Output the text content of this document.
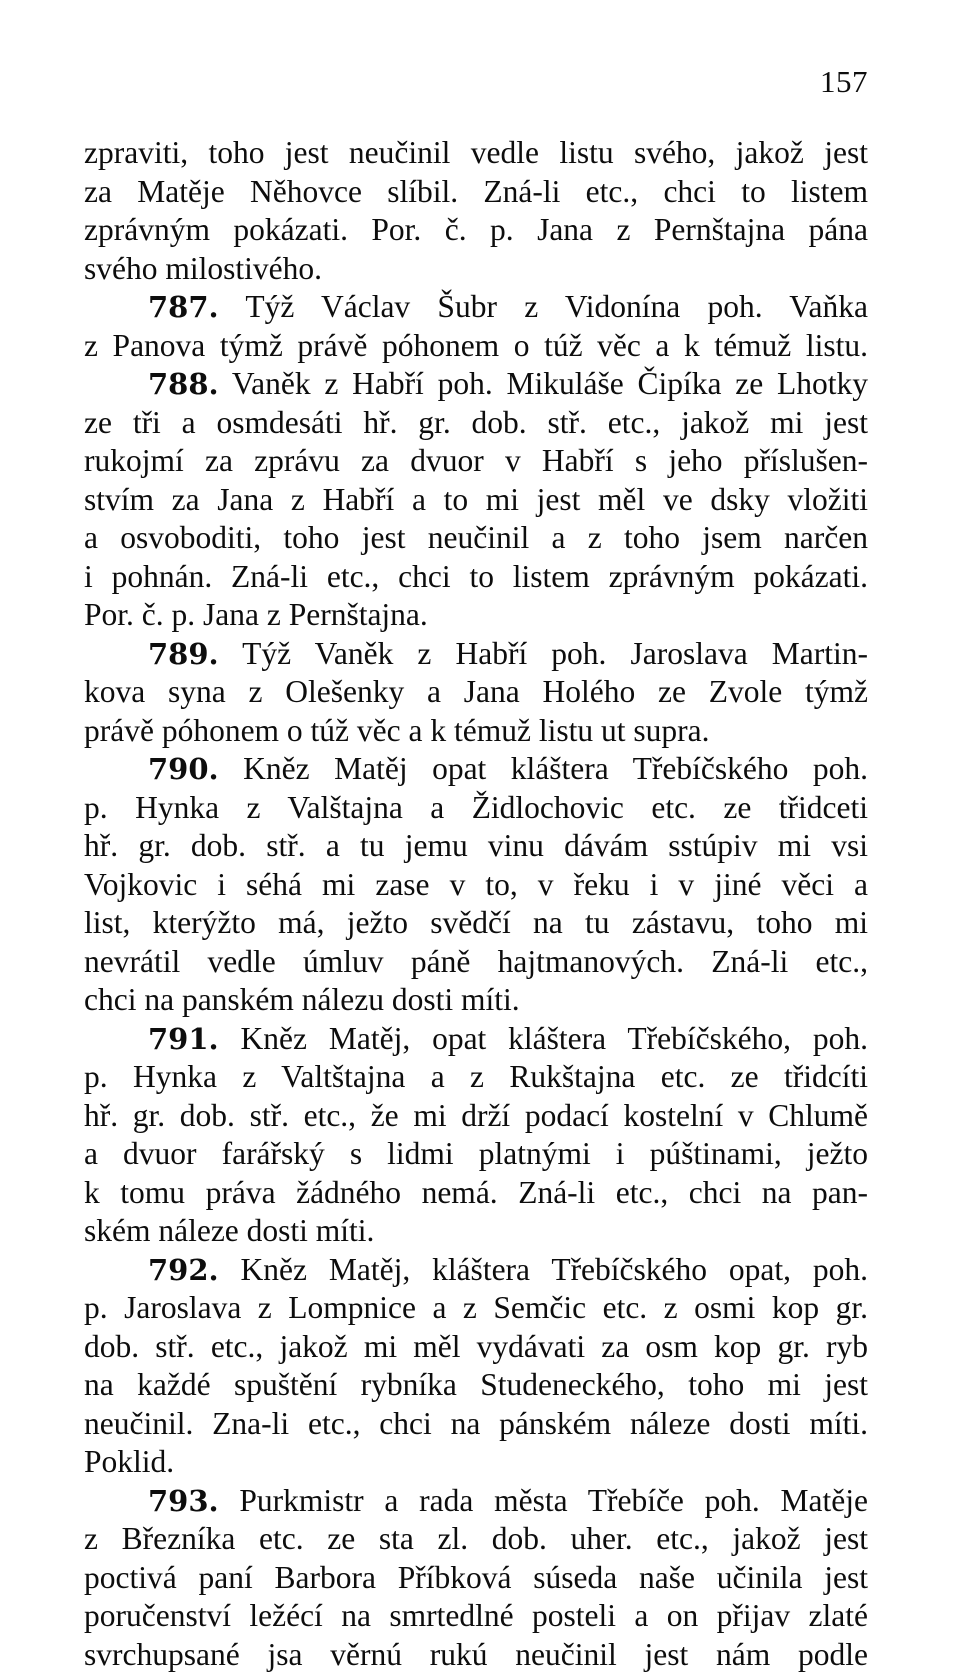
157
zpraviti, toho jest neučinil vedle listu svého, jakož jest
za Matěje Něhovce slíbil. Zná-li etc., chci to listem
zprávným pokázati. Por. č. p. Jana z Pernštajna pána
svého milostivého.
787. Týž Václav Šubr z Vidonína poh. Vaňka
z Panova týmž právě póhonem o túž věc a k témuž listu.
788. Vaněk z Habří poh. Mikuláše Čipíka ze Lhotky
ze tři a osmdesáti hř. gr. dob. stř. etc., jakož mi jest
rukojmí za zprávu za dvuor v Habří s jeho příslušen-
stvím za Jana z Habří a to mi jest měl ve dsky vložiti
a osvoboditi, toho jest neučinil a z toho jsem narčen
i pohnán. Zná-li etc., chci to listem zprávným pokázati.
Por. č. p. Jana z Pernštajna.
789. Týž Vaněk z Habří poh. Jaroslava Martin-
kova syna z Olešenky a Jana Holého ze Zvole týmž
právě póhonem o túž věc a k témuž listu ut supra.
790. Kněz Matěj opat kláštera Třebíčského poh.
p. Hynka z Valštajna a Židlochovic etc. ze třidceti
hř. gr. dob. stř. a tu jemu vinu dávám sstúpiv mi vsi
Vojkovic i séhá mi zase v to, v řeku i v jiné věci a
list, kterýžto má, ježto svědčí na tu zástavu, toho mi
nevrátil vedle úmluv páně hajtmanových. Zná-li etc.,
chci na panském nálezu dosti míti.
791. Kněz Matěj, opat kláštera Třebíčského, poh.
p. Hynka z Valtštajna a z Rukštajna etc. ze třidcíti
hř. gr. dob. stř. etc., že mi drží podací kostelní v Chlumě
a dvuor farářský s lidmi platnými i púštinami, ježto
k tomu práva žádného nemá. Zná-li etc., chci na pan-
ském náleze dosti míti.
792. Kněz Matěj, kláštera Třebíčského opat, poh.
p. Jaroslava z Lompnice a z Semčic etc. z osmi kop gr.
dob. stř. etc., jakož mi měl vydávati za osm kop gr. ryb
na každé spuštění rybníka Studeneckého, toho mi jest
neučinil. Zna-li etc., chci na pánském náleze dosti míti.
Poklid.
793. Purkmistr a rada města Třebíče poh. Matěje
z Březníka etc. ze sta zl. dob. uher. etc., jakož jest
poctivá paní Barbora Příbková súseda naše učinila jest
poručenství ležécí na smrtedlné posteli a on přijav zlaté
svrchupsané jsa věrnú rukú neučinil jest nám podle
